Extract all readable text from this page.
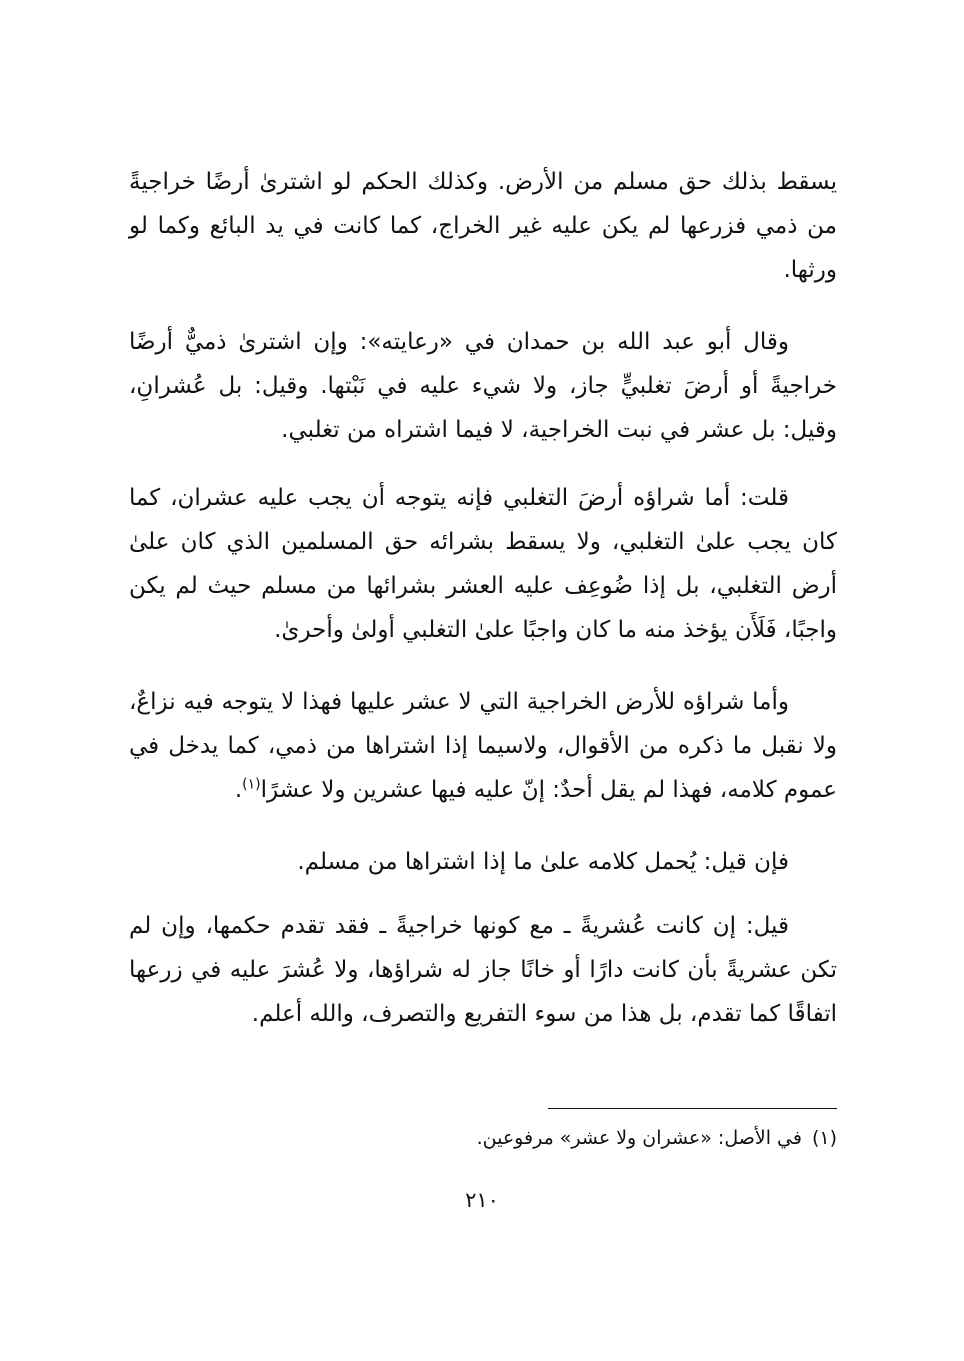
يسقط بذلك حق مسلم من الأرض. وكذلك الحكم لو اشترىٰ أرضًا خراجيةً من ذمي فزرعها لم يكن عليه غير الخراج، كما كانت في يد البائع وكما لو ورثها.

وقال أبو عبد الله بن حمدان في «رعايته»: وإن اشترىٰ ذميٌّ أرضًا خراجيةً أو أرضَ تغلبيٍّ جاز، ولا شيء عليه في نَبْتها. وقيل: بل عُشرانِ، وقيل: بل عشر في نبت الخراجية، لا فيما اشتراه من تغلبي.

قلت: أما شراؤه أرضَ التغلبي فإنه يتوجه أن يجب عليه عشران، كما كان يجب علىٰ التغلبي، ولا يسقط بشرائه حق المسلمين الذي كان علىٰ أرض التغلبي، بل إذا ضُوعِف عليه العشر بشرائها من مسلم حيث لم يكن واجبًا، فَلَأَن يؤخذ منه ما كان واجبًا علىٰ التغلبي أولىٰ وأحرىٰ.

وأما شراؤه للأرض الخراجية التي لا عشر عليها فهذا لا يتوجه فيه نزاعٌ، ولا نقبل ما ذكره من الأقوال، ولاسيما إذا اشتراها من ذمي، كما يدخل في عموم كلامه، فهذا لم يقل أحدٌ: إنّ عليه فيها عشرين ولا عشرًا$^{(١)}$.

فإن قيل: يُحمل كلامه علىٰ ما إذا اشتراها من مسلم.

قيل: إن كانت عُشريةً ـ مع كونها خراجيةً ـ فقد تقدم حكمها، وإن لم تكن عشريةً بأن كانت دارًا أو خانًا جاز له شراؤها، ولا عُشرَ عليه في زرعها اتفاقًا كما تقدم، بل هذا من سوء التفريع والتصرف، والله أعلم.

(١)في الأصل: «عشران ولا عشر» مرفوعين.
٢١٠
